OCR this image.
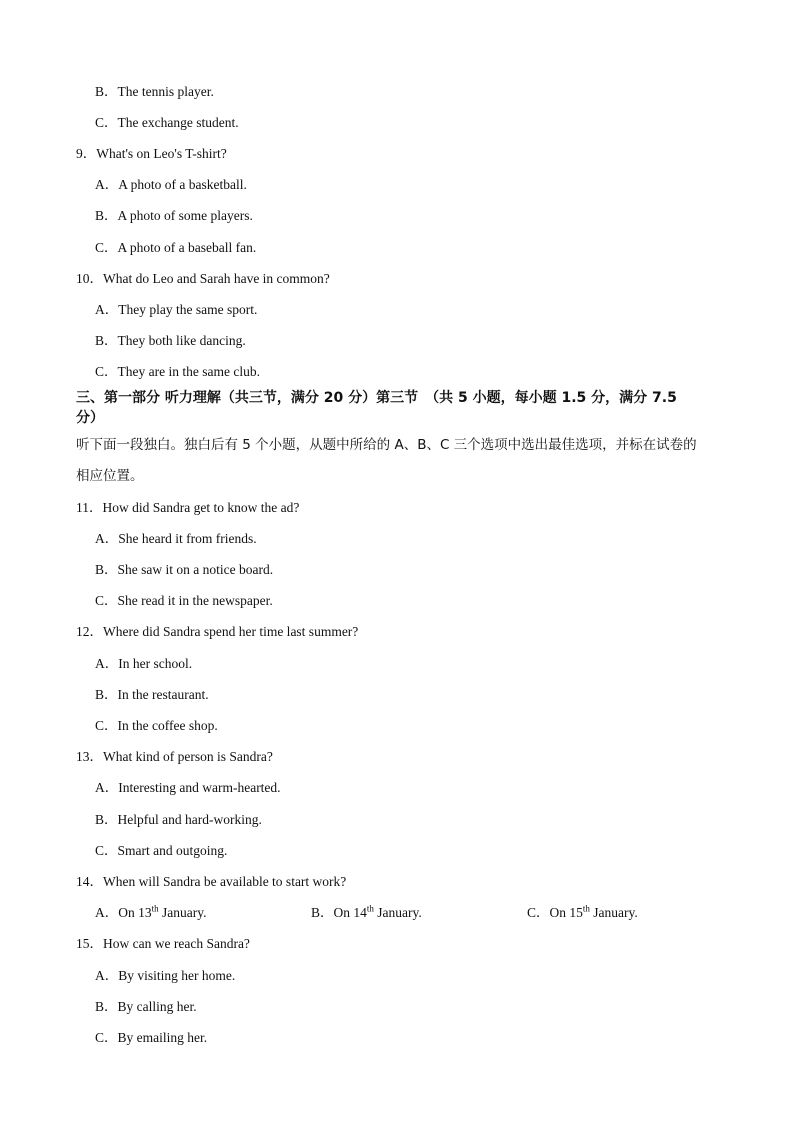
B．The tennis player.
C．The exchange student.
9．What's on Leo's T-shirt?
A．A photo of a basketball.
B．A photo of some players.
C．A photo of a baseball fan.
10．What do Leo and Sarah have in common?
A．They play the same sport.
B．They both like dancing.
C．They are in the same club.
三、第一部分 听力理解（共三节，满分 20 分）第三节　（共 5 小题，每小题 1.5 分，满分 7.5
分）
听下面一段独白。独白后有 5 个小题，从题中所给的 A、B、C 三个选项中选出最佳选项，并标在试卷的
相应位置。
11．How did Sandra get to know the ad?
A．She heard it from friends.
B．She saw it on a notice board.
C．She read it in the newspaper.
12．Where did Sandra spend her time last summer?
A．In her school.
B．In the restaurant.
C．In the coffee shop.
13．What kind of person is Sandra?
A．Interesting and warm-hearted.
B．Helpful and hard-working.
C．Smart and outgoing.
14．When will Sandra be available to start work?
A．On 13th January.	B．On 14th January.	C．On 15th January.
15．How can we reach Sandra?
A．By visiting her home.
B．By calling her.
C．By emailing her.
